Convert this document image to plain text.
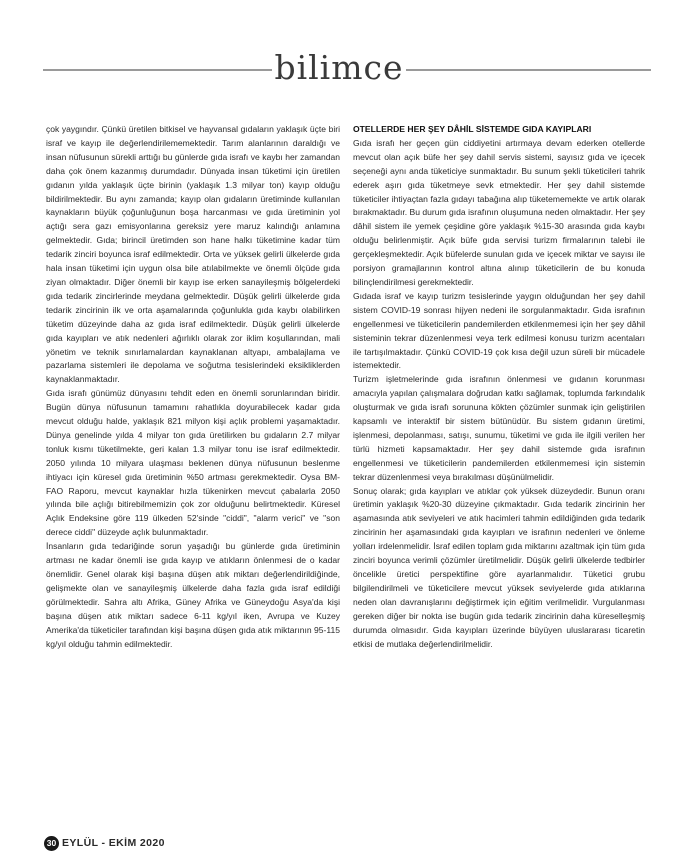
bilimce

çok yaygındır. Çünkü üretilen bitkisel ve hayvansal gıdaların yaklaşık üçte biri israf ve kayıp ile değerlendirilememektedir. Tarım alanlarının daraldığı ve insan nüfusunun sürekli arttığı bu günlerde gıda israfı ve kaybı her zamandan daha çok önem kazanmış durumdadır. Dünyada insan tüketimi için üretilen gıdanın yılda yaklaşık üçte birinin (yaklaşık 1.3 milyar ton) kayıp olduğu bildirilmektedir. Bu aynı zamanda; kayıp olan gıdaların üretiminde kullanılan kaynakların büyük çoğunluğunun boşa harcanması ve gıda üretiminin yol açtığı sera gazı emisyonlarına gereksiz yere maruz kalındığı anlamına gelmektedir. Gıda; birincil üretimden son hane halkı tüketimine kadar tüm tedarik zinciri boyunca israf edilmektedir. Orta ve yüksek gelirli ülkelerde gıda hala insan tüketimi için uygun olsa bile atılabilmekte ve önemli ölçüde gıda ziyan olmaktadır. Diğer önemli bir kayıp ise erken sanayileşmiş bölgelerdeki gıda tedarik zincirlerinde meydana gelmektedir. Düşük gelirli ülkelerde gıda tedarik zincirinin ilk ve orta aşamalarında çoğunlukla gıda kaybı olabilirken tüketim düzeyinde daha az gıda israf edilmektedir. Düşük gelirli ülkelerde gıda kayıpları ve atık nedenleri ağırlıklı olarak zor iklim koşullarından, mali yönetim ve teknik sınırlamalardan kaynaklanan altyapı, ambalajlama ve pazarlama sistemleri ile depolama ve soğutma tesislerindeki eksikliklerden kaynaklanmaktadır.

Gıda israfı günümüz dünyasını tehdit eden en önemli sorunlarından biridir. Bugün dünya nüfusunun tamamını rahatlıkla doyurabilecek kadar gıda mevcut olduğu halde, yaklaşık 821 milyon kişi açlık problemi yaşamaktadır. Dünya genelinde yılda 4 milyar ton gıda üretilirken bu gıdaların 2.7 milyar tonluk kısmı tüketilmekte, geri kalan 1.3 milyar tonu ise israf edilmektedir. 2050 yılında 10 milyara ulaşması beklenen dünya nüfusunun beslenme ihtiyacı için küresel gıda üretiminin %50 artması gerekmektedir. Oysa BM-FAO Raporu, mevcut kaynaklar hızla tükenirken mevcut çabalarla 2050 yılında bile açlığı bitirebilmemizin çok zor olduğunu belirtmektedir. Küresel Açlık Endeksine göre 119 ülkeden 52'sinde "ciddi", "alarm verici" ve "son derece ciddi" düzeyde açlık bulunmaktadır.

İnsanların gıda tedariğinde sorun yaşadığı bu günlerde gıda üretiminin artması ne kadar önemli ise gıda kayıp ve atıkların önlenmesi de o kadar önemlidir. Genel olarak kişi başına düşen atık miktarı değerlendirildiğinde, gelişmekte olan ve sanayileşmiş ülkelerde daha fazla gıda israf edildiği görülmektedir. Sahra altı Afrika, Güney Afrika ve Güneydoğu Asya'da kişi başına düşen atık miktarı sadece 6-11 kg/yıl iken, Avrupa ve Kuzey Amerika'da tüketiciler tarafından kişi başına düşen gıda atık miktarının 95-115 kg/yıl olduğu tahmin edilmektedir.

OTELLERDE HER ŞEY DÂHİL SİSTEMDE GIDA KAYIPLARI

Gıda israfı her geçen gün ciddiyetini artırmaya devam ederken otellerde mevcut olan açık büfe her şey dahil servis sistemi, sayısız gıda ve içecek seçeneği aynı anda tüketiciye sunmaktadır. Bu sunum şekli tüketicileri tahrik ederek aşırı gıda tüketmeye sevk etmektedir. Her şey dahil sistemde tüketiciler ihtiyaçtan fazla gıdayı tabağına alıp tüketememekte ve artık olarak bırakmaktadır. Bu durum gıda israfının oluşumuna neden olmaktadır. Her şey dâhil sistem ile yemek çeşidine göre yaklaşık %15-30 arasında gıda kaybı olduğu belirlenmiştir. Açık büfe gıda servisi turizm firmalarının talebi ile gerçekleşmektedir. Açık büfelerde sunulan gıda ve içecek miktar ve sayısı ile porsiyon gramajlarının kontrol altına alınıp tüketicilerin de bu konuda bilinçlendirilmesi gerekmektedir.

Gıdada israf ve kayıp turizm tesislerinde yaygın olduğundan her şey dahil sistem COVID-19 sonrası hijyen nedeni ile sorgulanmaktadır. Gıda israfının engellenmesi ve tüketicilerin pandemilerden etkilenmemesi için her şey dâhil sisteminin tekrar düzenlenmesi veya terk edilmesi konusu turizm acentaları ile tartışılmaktadır. Çünkü COVID-19 çok kısa değil uzun süreli bir mücadele istemektedir.

Turizm işletmelerinde gıda israfının önlenmesi ve gıdanın korunması amacıyla yapılan çalışmalara doğrudan katkı sağlamak, toplumda farkındalık oluşturmak ve gıda israfı sorununa kökten çözümler sunmak için geliştirilen kapsamlı ve interaktif bir sistem bütünüdür. Bu sistem gıdanın üretimi, işlenmesi, depolanması, satışı, sunumu, tüketimi ve gıda ile ilgili verilen her türlü hizmeti kapsamaktadır. Her şey dahil sistemde gıda israfının engellenmesi ve tüketicilerin pandemilerden etkilenmemesi için sistemin tekrar düzenlenmesi veya bırakılması düşünülmelidir.

Sonuç olarak; gıda kayıpları ve atıklar çok yüksek düzeydedir. Bunun oranı üretimin yaklaşık %20-30 düzeyine çıkmaktadır. Gıda tedarik zincirinin her aşamasında atık seviyeleri ve atık hacimleri tahmin edildiğinden gıda tedarik zincirinin her aşamasındaki gıda kayıpları ve israfının nedenleri ve önleme yolları irdelenmelidir. İsraf edilen toplam gıda miktarını azaltmak için tüm gıda zinciri boyunca verimli çözümler üretilmelidir. Düşük gelirli ülkelerde tedbirler öncelikle üretici perspektifine göre ayarlanmalıdır. Tüketici grubu bilgilendirilmeli ve tüketicilere mevcut yüksek seviyelerde gıda atıklarına neden olan davranışlarını değiştirmek için eğitim verilmelidir. Vurgulanması gereken diğer bir nokta ise bugün gıda tedarik zincirinin daha küreselleşmiş durumda olmasıdır. Gıda kayıpları üzerinde büyüyen uluslararası ticaretin etkisi de mutlaka değerlendirilmelidir.

30 EYLÜL - EKİM 2020
